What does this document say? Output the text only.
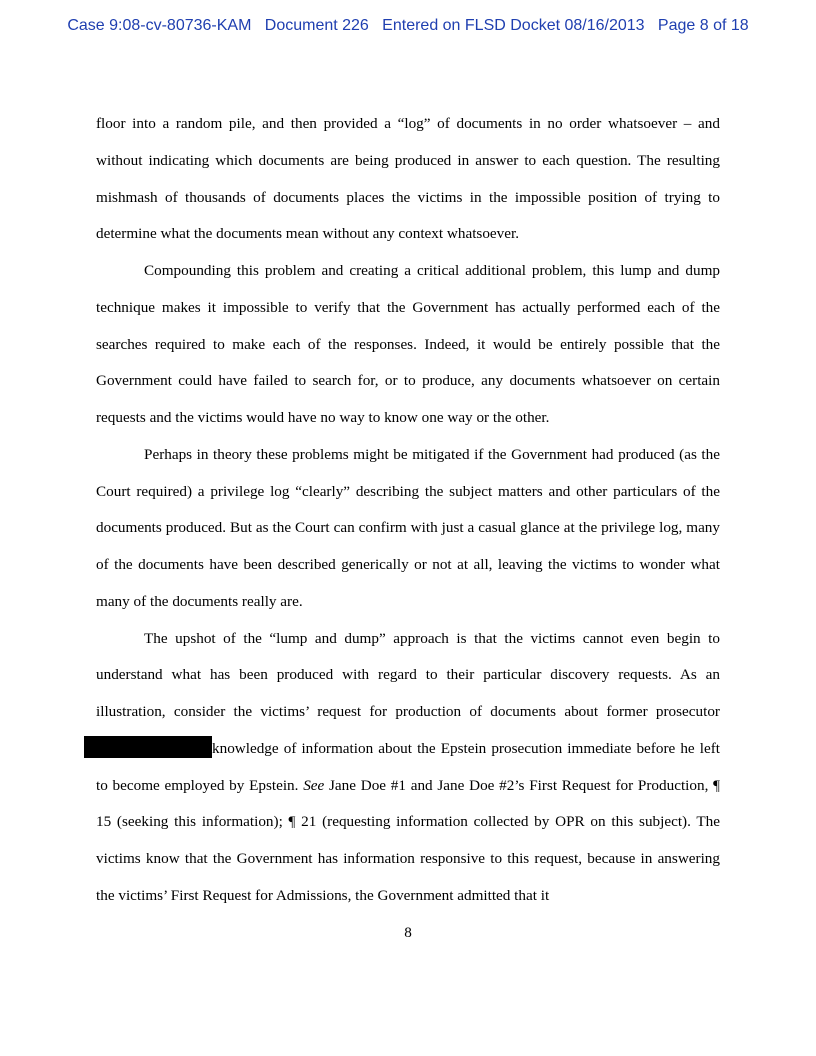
Case 9:08-cv-80736-KAM Document 226 Entered on FLSD Docket 08/16/2013 Page 8 of 18

floor into a random pile, and then provided a “log” of documents in no order whatsoever – and without indicating which documents are being produced in answer to each question. The resulting mishmash of thousands of documents places the victims in the impossible position of trying to determine what the documents mean without any context whatsoever.

Compounding this problem and creating a critical additional problem, this lump and dump technique makes it impossible to verify that the Government has actually performed each of the searches required to make each of the responses. Indeed, it would be entirely possible that the Government could have failed to search for, or to produce, any documents whatsoever on certain requests and the victims would have no way to know one way or the other.

Perhaps in theory these problems might be mitigated if the Government had produced (as the Court required) a privilege log “clearly” describing the subject matters and other particulars of the documents produced. But as the Court can confirm with just a casual glance at the privilege log, many of the documents have been described generically or not at all, leaving the victims to wonder what many of the documents really are.

The upshot of the “lump and dump” approach is that the victims cannot even begin to understand what has been produced with regard to their particular discovery requests. As an illustration, consider the victims’ request for production of documents about former prosecutor knowledge of information about the Epstein prosecution immediate before he left to become employed by Epstein. See Jane Doe #1 and Jane Doe #2’s First Request for Production, ¶ 15 (seeking this information); ¶ 21 (requesting information collected by OPR on this subject). The victims know that the Government has information responsive to this request, because in answering the victims’ First Request for Admissions, the Government admitted that it

8
